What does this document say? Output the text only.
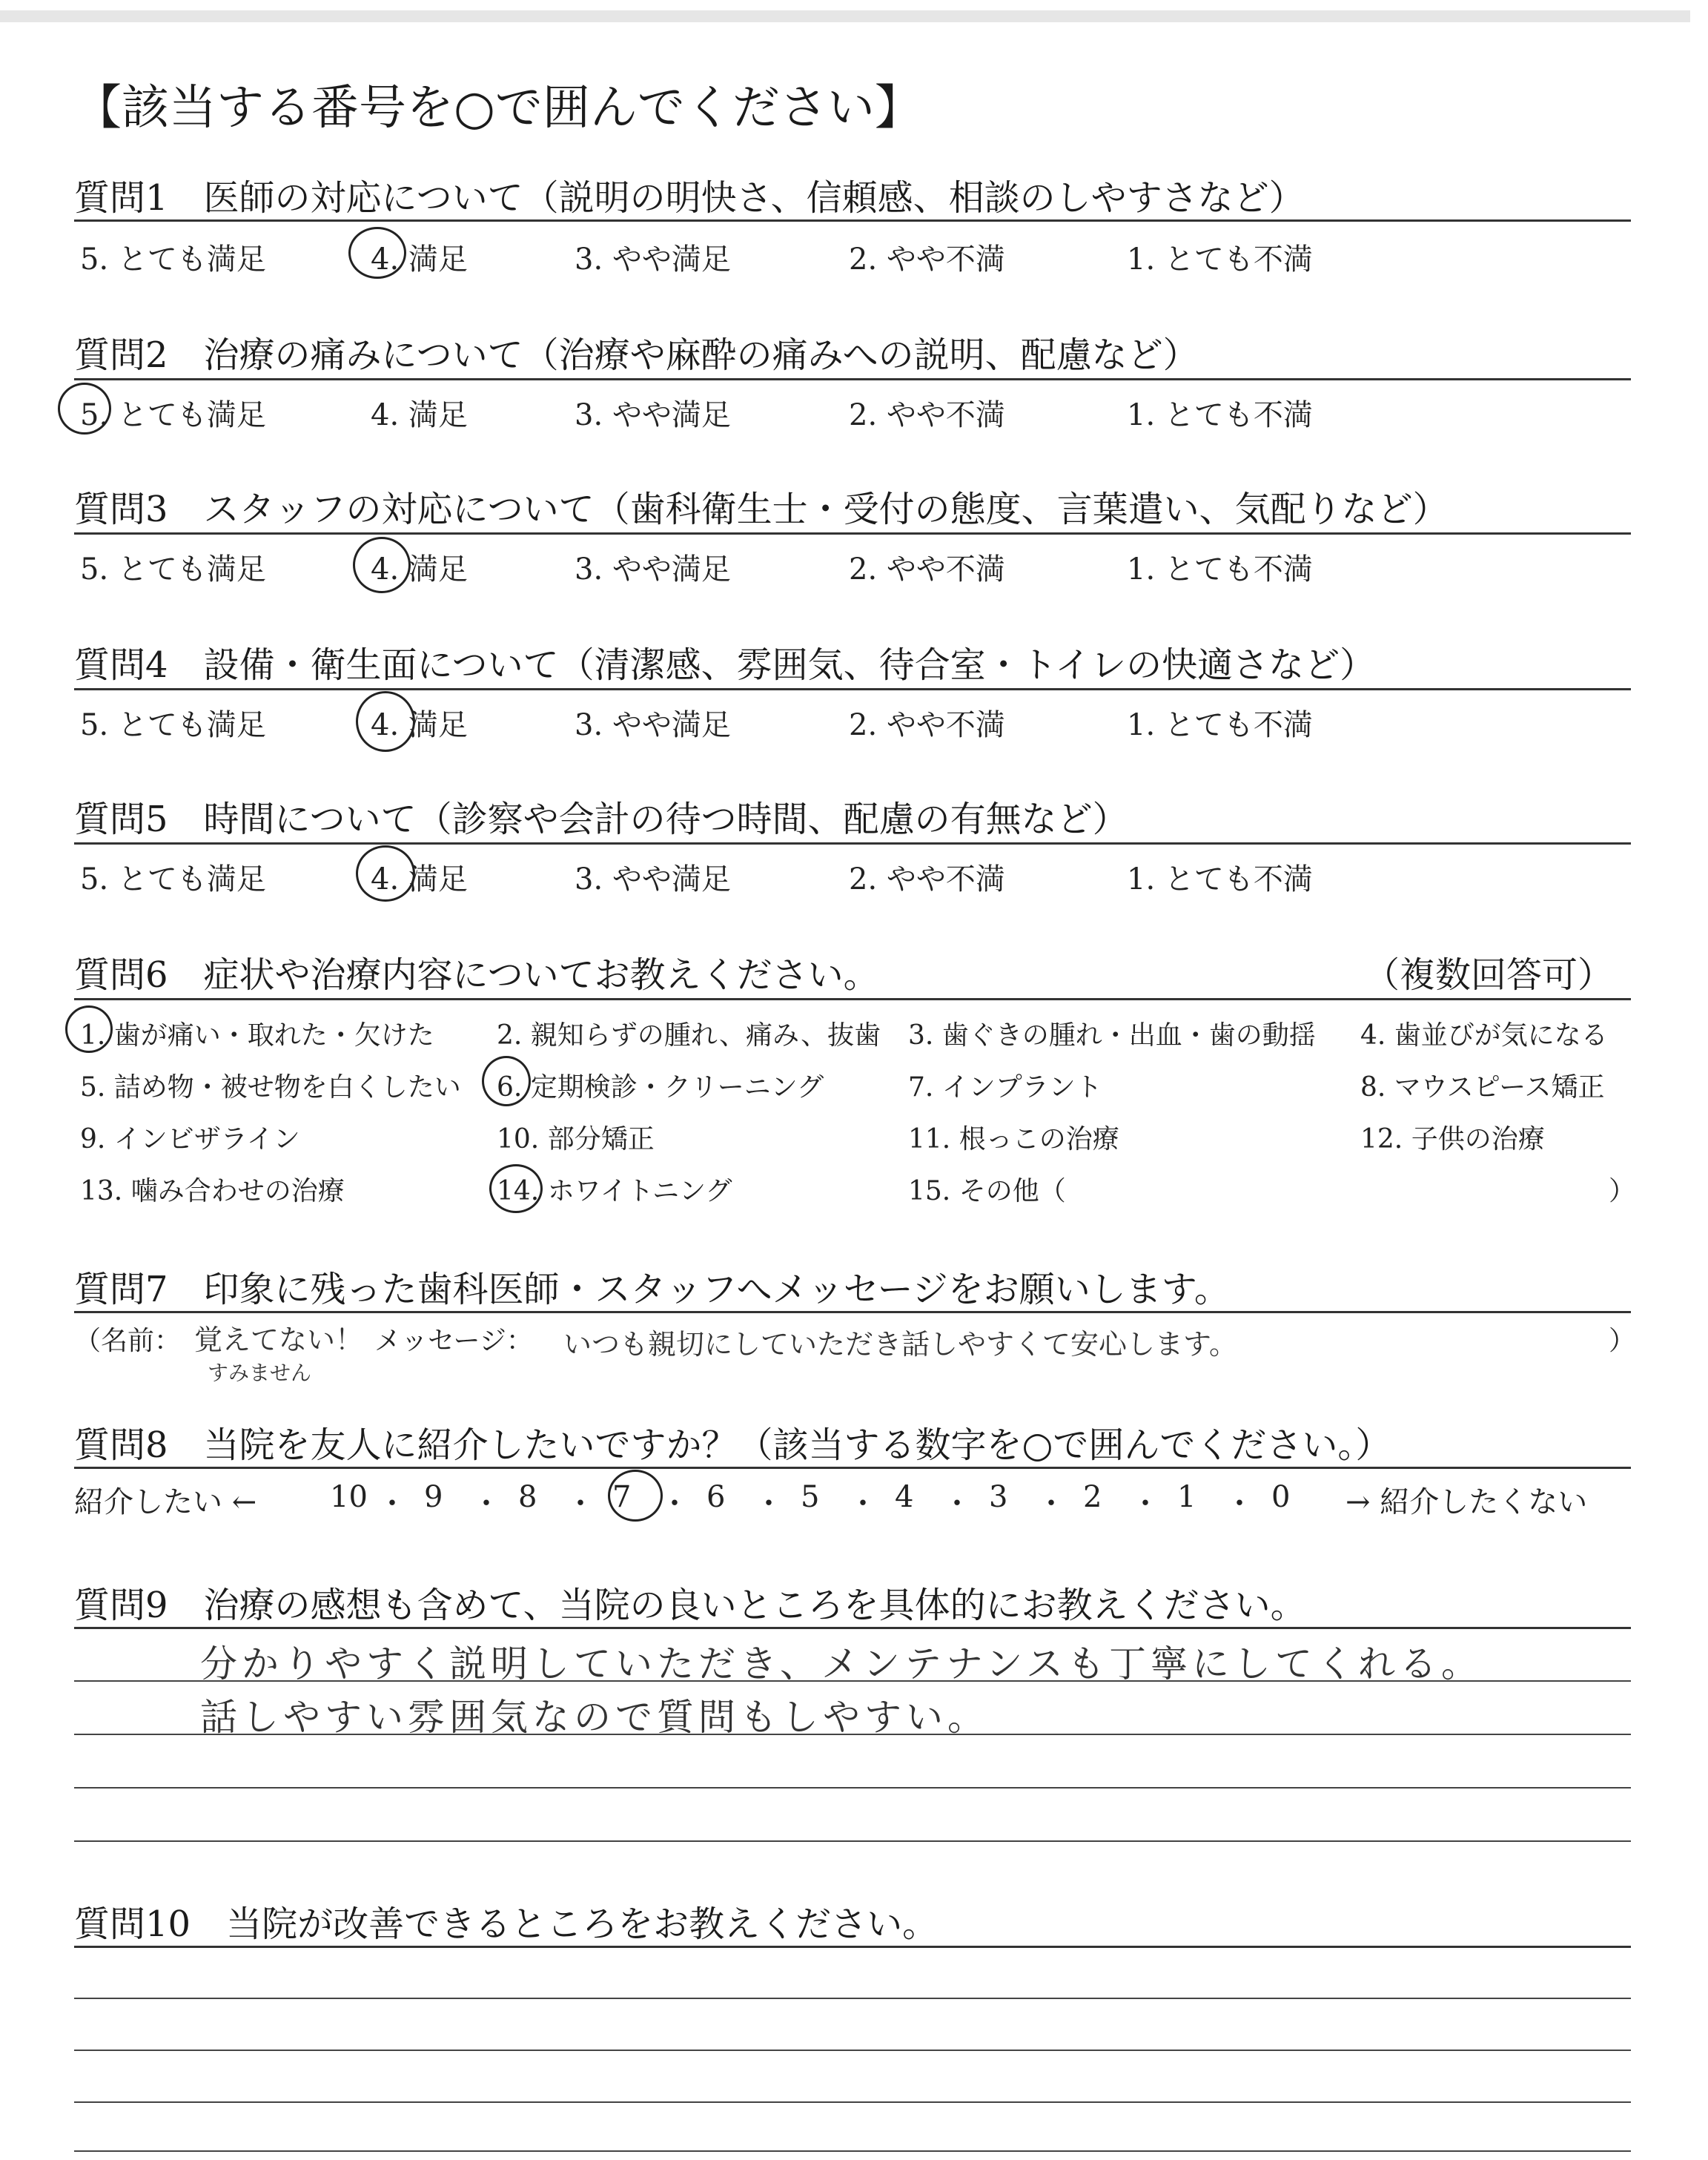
【該当する番号を○で囲んでください】
質問1　医師の対応について（説明の明快さ、信頼感、相談のしやすさなど）
5. とても満足	4. 満足	3. やや満足	2. やや不満	1. とても不満
質問2　治療の痛みについて（治療や麻酔の痛みへの説明、配慮など）
5. とても満足	4. 満足	3. やや満足	2. やや不満	1. とても不満
質問3　スタッフの対応について（歯科衛生士・受付の態度、言葉遣い、気配りなど）
5. とても満足	4. 満足	3. やや満足	2. やや不満	1. とても不満
質問4　設備・衛生面について（清潔感、雰囲気、待合室・トイレの快適さなど）
5. とても満足	4. 満足	3. やや満足	2. やや不満	1. とても不満
質問5　時間について（診察や会計の待つ時間、配慮の有無など）
5. とても満足	4. 満足	3. やや満足	2. やや不満	1. とても不満
質問6　症状や治療内容についてお教えください。	（複数回答可）
1. 歯が痛い・取れた・欠けた 2. 親知らずの腫れ、痛み、抜歯 3. 歯ぐきの腫れ・出血・歯の動揺 4. 歯並びが気になる
5. 詰め物・被せ物を白くしたい 6. 定期検診・クリーニング	7. インプラント	8. マウスピース矯正
9. インビザライン	10. 部分矯正	11. 根っこの治療	12. 子供の治療
13. 噛み合わせの治療	14. ホワイトニング	15. その他（	）
質問7　印象に残った歯科医師・スタッフへメッセージをお願いします。
（名前： 覚えてない！
すみません
メッセージ： いつも親切にしていただき話しやすくて安心します。	）
質問8　当院を友人に紹介したいですか？（該当する数字を○で囲んでください。）
紹介したい ←	→ 紹介したくない
10 ・ 9 ・ 8 ・ 7 ・ 6 ・ 5 ・ 4 ・ 3 ・ 2 ・ 1 ・ 0
質問9　治療の感想も含めて、当院の良いところを具体的にお教えください。
分かりやすく説明していただき、メンテナンスも丁寧にしてくれる。
話しやすい雰囲気なので質問もしやすい。
質問10　当院が改善できるところをお教えください。
